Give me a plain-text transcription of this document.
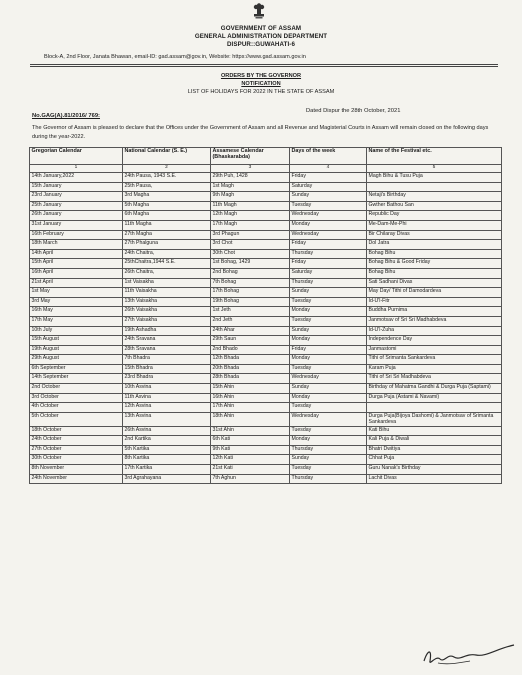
GOVERNMENT OF ASSAM
GENERAL ADMINISTRATION DEPARTMENT
DISPUR::GUWAHATI-6
Block-A, 2nd Floor, Janata Bhawan, email-ID: gad.assam@gov.in, Website: https://www.gad.assam.gov.in
ORDERS BY THE GOVERNOR
NOTIFICATION
LIST OF HOLIDAYS FOR 2022 IN THE STATE OF ASSAM
Dated Dispur the 28th October, 2021
No.GAG(A).81/2016/ 769:
The Governor of Assam is pleased to declare that the Offices under the Government of Assam and all Revenue and Magisterial Courts in Assam will remain closed on the following days during the year-2022.
Gregorian Calendar	National Calendar (S. E.)	Assamese Calendar (Bhaskarabda)	Days of the week	Name of the Festival etc.
1	2	3	4	5
14th January,2022	24th Pausa, 1943 S.E.	29th Puh, 1428	Friday	Magh Bihu & Tusu Puja
15th January	25th Pausa,	1st Magh	Saturday	
23rd January	3rd Magha	9th Magh	Sunday	Netaji's Birthday
25th January	5th Magha	11th Magh	Tuesday	Gwther Bathou San
26th January	6th Magha	12th Magh	Wednesday	Republic Day
31st January	11th Magha	17th Magh	Monday	Me-Dam-Me-Phi
16th February	27th Magha	3rd Phagun	Wednesday	Bir Chilaray Divas
18th March	27th Phalguna	3rd Chot	Friday	Dol Jatra
14th April	24th Chaitra,	30th Chot	Thursday	Bohag Bihu
15th April	25thChaitra,1944 S.E.	1st Bohag, 1429	Friday	Bohag Bihu & Good Friday
16th April	26th Chaitra,	2nd Bohag	Saturday	Bohag Bihu
21st April	1st Vaisakha	7th Bohag	Thursday	Sati Sadhani Divas
1st May	11th Vaisakha	17th Bohag	Sunday	May Day/ Tithi of Damodardeva
3rd May	13th Vaisakha	19th Bohag	Tuesday	Id-U'l-Fitr
16th May	26th Vaisakha	1st Jeth	Monday	Buddha Purnima
17th May	27th Vaisakha	2nd Jeth	Tuesday	Janmotsav of Sri Sri Madhabdeva
10th July	19th Ashadha	24th Ahar	Sunday	Id-U'l-Zuha
15th August	24th Sravana	29th Saun	Monday	Independence Day
19th August	28th Sravana	2nd Bhado	Friday	Janmastomi
29th August	7th Bhadra	12th Bhada	Monday	Tithi of Srimanta Sankardeva
6th September	15th Bhadra	20th Bhada	Tuesday	Karam Puja
14th September	23rd Bhadra	28th Bhada	Wednesday	Tithi of Sri Sri Madhabdeva
2nd October	10th Asvina	15th Ahin	Sunday	Birthday of Mahatma Gandhi & Durga Puja (Saptami)
3rd October	11th Asvina	16th Ahin	Monday	Durga Puja (Astami & Navami)
4th October	12th Asvina	17th Ahin	Tuesday	
5th October	13th Asvina	18th Ahin	Wednesday	Durga Puja(Bijoya Dashomi) & Janmotsav of Srimanta Sankardeva
18th October	26th Asvina	31st Ahin	Tuesday	Kati Bihu
24th October	2nd Kartika	6th Kati	Monday	Kali Puja & Diwali
27th October	5th Kartika	9th Kati	Thursday	Bhatri Dwitiya
30th October	8th Kartika	12th Kati	Sunday	Chhat Puja
8th November	17th Kartika	21st Kati	Tuesday	Guru Nanak's Birthday
24th November	3rd Agrahayana	7th Aghun	Thursday	Lachit Divas
